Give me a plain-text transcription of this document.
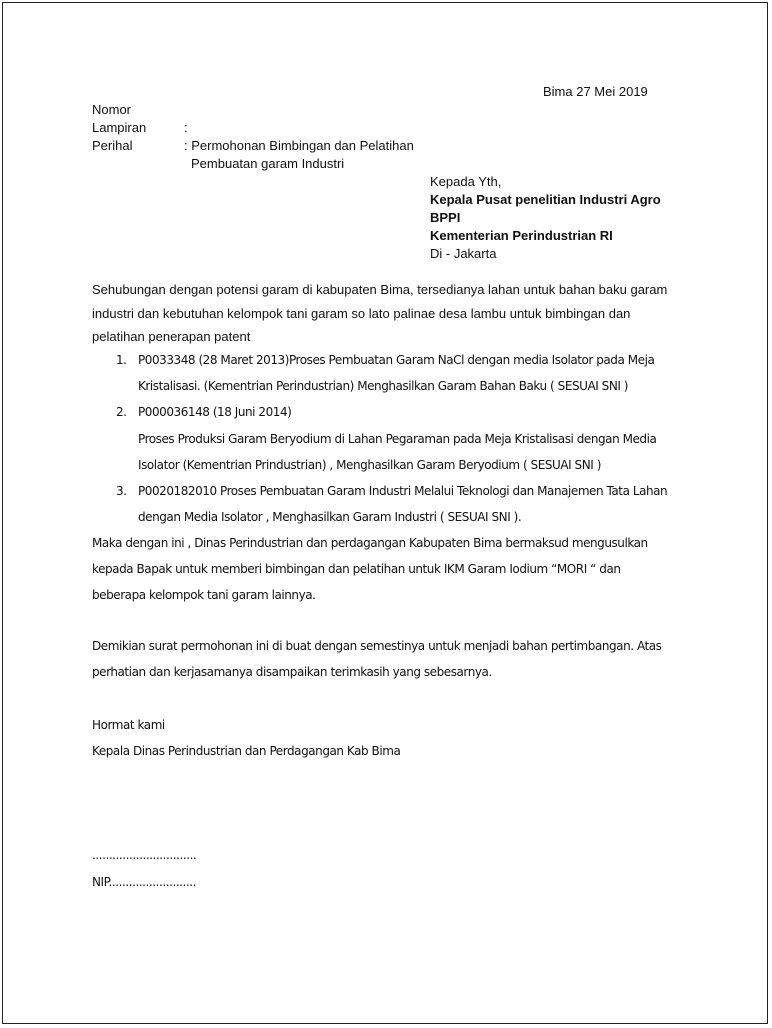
Bima 27 Mei 2019
Nomor
Lampiran	:
Perihal	: Permohonan Bimbingan dan Pelatihan
Pembuatan garam Industri
Kepada Yth,
Kepala Pusat penelitian Industri Agro
BPPI
Kementerian Perindustrian RI
Di - Jakarta
Sehubungan dengan potensi garam di kabupaten Bima, tersedianya lahan untuk bahan baku garam
industri dan kebutuhan kelompok tani garam so lato palinae desa lambu untuk bimbingan dan
pelatihan penerapan patent
1. P0033348 (28 Maret 2013)Proses Pembuatan Garam NaCl dengan media Isolator pada Meja
Kristalisasi. (Kementrian Perindustrian) Menghasilkan Garam Bahan Baku ( SESUAI SNI )
2. P000036148 (18 Juni 2014)
Proses Produksi Garam Beryodium di Lahan Pegaraman pada Meja Kristalisasi dengan Media
Isolator (Kementrian Prindustrian) , Menghasilkan Garam Beryodium ( SESUAI SNI )
3. P0020182010 Proses Pembuatan Garam Industri Melalui Teknologi dan Manajemen Tata Lahan
dengan Media Isolator , Menghasilkan Garam Industri ( SESUAI SNI ).
Maka dengan ini , Dinas Perindustrian dan perdagangan Kabupaten Bima bermaksud mengusulkan
kepada Bapak untuk memberi bimbingan dan pelatihan untuk IKM Garam Iodium “MORI “ dan
beberapa kelompok tani garam lainnya.
Demikian surat permohonan ini di buat dengan semestinya untuk menjadi bahan pertimbangan. Atas
perhatian dan kerjasamanya disampaikan terimkasih yang sebesarnya.
Hormat kami
Kepala Dinas Perindustrian dan Perdagangan Kab Bima
...............................
NIP..........................
